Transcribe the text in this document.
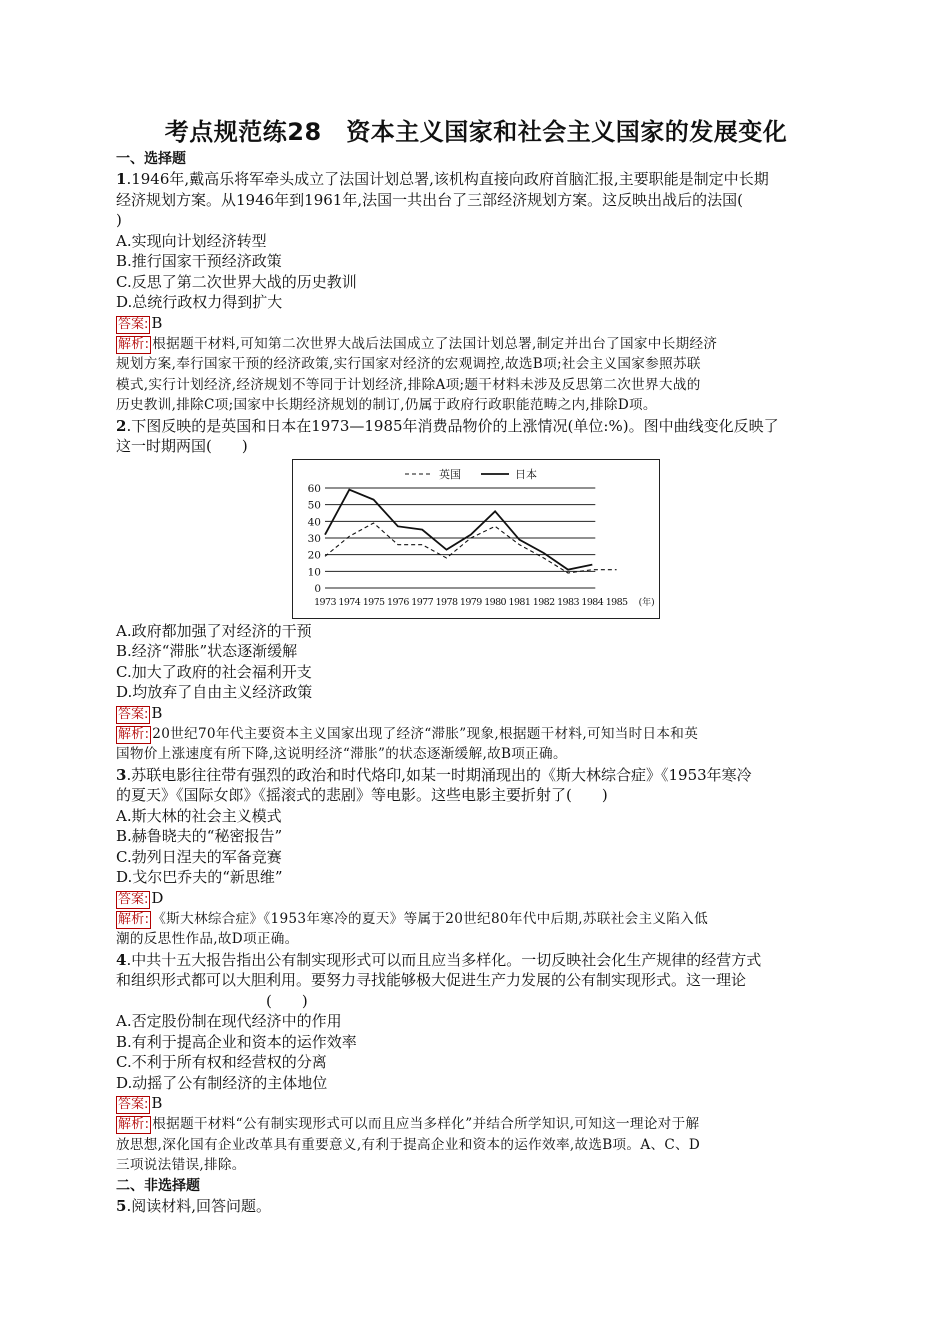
考点规范练28　资本主义国家和社会主义国家的发展变化
一、选择题
1.1946年,戴高乐将军牵头成立了法国计划总署,该机构直接向政府首脑汇报,主要职能是制定中长期
经济规划方案。从1946年到1961年,法国一共出台了三部经济规划方案。这反映出战后的法国(
)
A.实现向计划经济转型
B.推行国家干预经济政策
C.反思了第二次世界大战的历史教训
D.总统行政权力得到扩大
答案: B
解析: 根据题干材料,可知第二次世界大战后法国成立了法国计划总署,制定并出台了国家中长期经济
规划方案,奉行国家干预的经济政策,实行国家对经济的宏观调控,故选B项;社会主义国家参照苏联
模式,实行计划经济,经济规划不等同于计划经济,排除A项;题干材料未涉及反思第二次世界大战的
历史教训,排除C项;国家中长期经济规划的制订,仍属于政府行政职能范畴之内,排除D项。
2.下图反映的是英国和日本在1973—1985年消费品物价的上涨情况(单位:%)。图中曲线变化反映了
这一时期两国(　　)
0
10
20
30
40
50
60
1973 1974 1975 1976 1977 1978 1979 1980 1981 1982 1983 1984 1985 (年)
英国	日本
A.政府都加强了对经济的干预
B.经济“滞胀”状态逐渐缓解
C.加大了政府的社会福利开支
D.均放弃了自由主义经济政策
答案: B
解析: 20世纪70年代主要资本主义国家出现了经济“滞胀”现象,根据题干材料,可知当时日本和英
国物价上涨速度有所下降,这说明经济“滞胀”的状态逐渐缓解,故B项正确。
3.苏联电影往往带有强烈的政治和时代烙印,如某一时期涌现出的《斯大林综合症》《1953年寒冷
的夏天》《国际女郎》《摇滚式的悲剧》等电影。这些电影主要折射了(　　)
A.斯大林的社会主义模式
B.赫鲁晓夫的“秘密报告”
C.勃列日涅夫的军备竞赛
D.戈尔巴乔夫的“新思维”
答案: D
解析: 《斯大林综合症》《1953年寒冷的夏天》等属于20世纪80年代中后期,苏联社会主义陷入低
潮的反思性作品,故D项正确。
4.中共十五大报告指出公有制实现形式可以而且应当多样化。一切反映社会化生产规律的经营方式
和组织形式都可以大胆利用。要努力寻找能够极大促进生产力发展的公有制实现形式。这一理论
(　　)
A.否定股份制在现代经济中的作用
B.有利于提高企业和资本的运作效率
C.不利于所有权和经营权的分离
D.动摇了公有制经济的主体地位
答案: B
解析: 根据题干材料“公有制实现形式可以而且应当多样化”并结合所学知识,可知这一理论对于解
放思想,深化国有企业改革具有重要意义,有利于提高企业和资本的运作效率,故选B项。A、C、D
三项说法错误,排除。
二、非选择题
5.阅读材料,回答问题。
